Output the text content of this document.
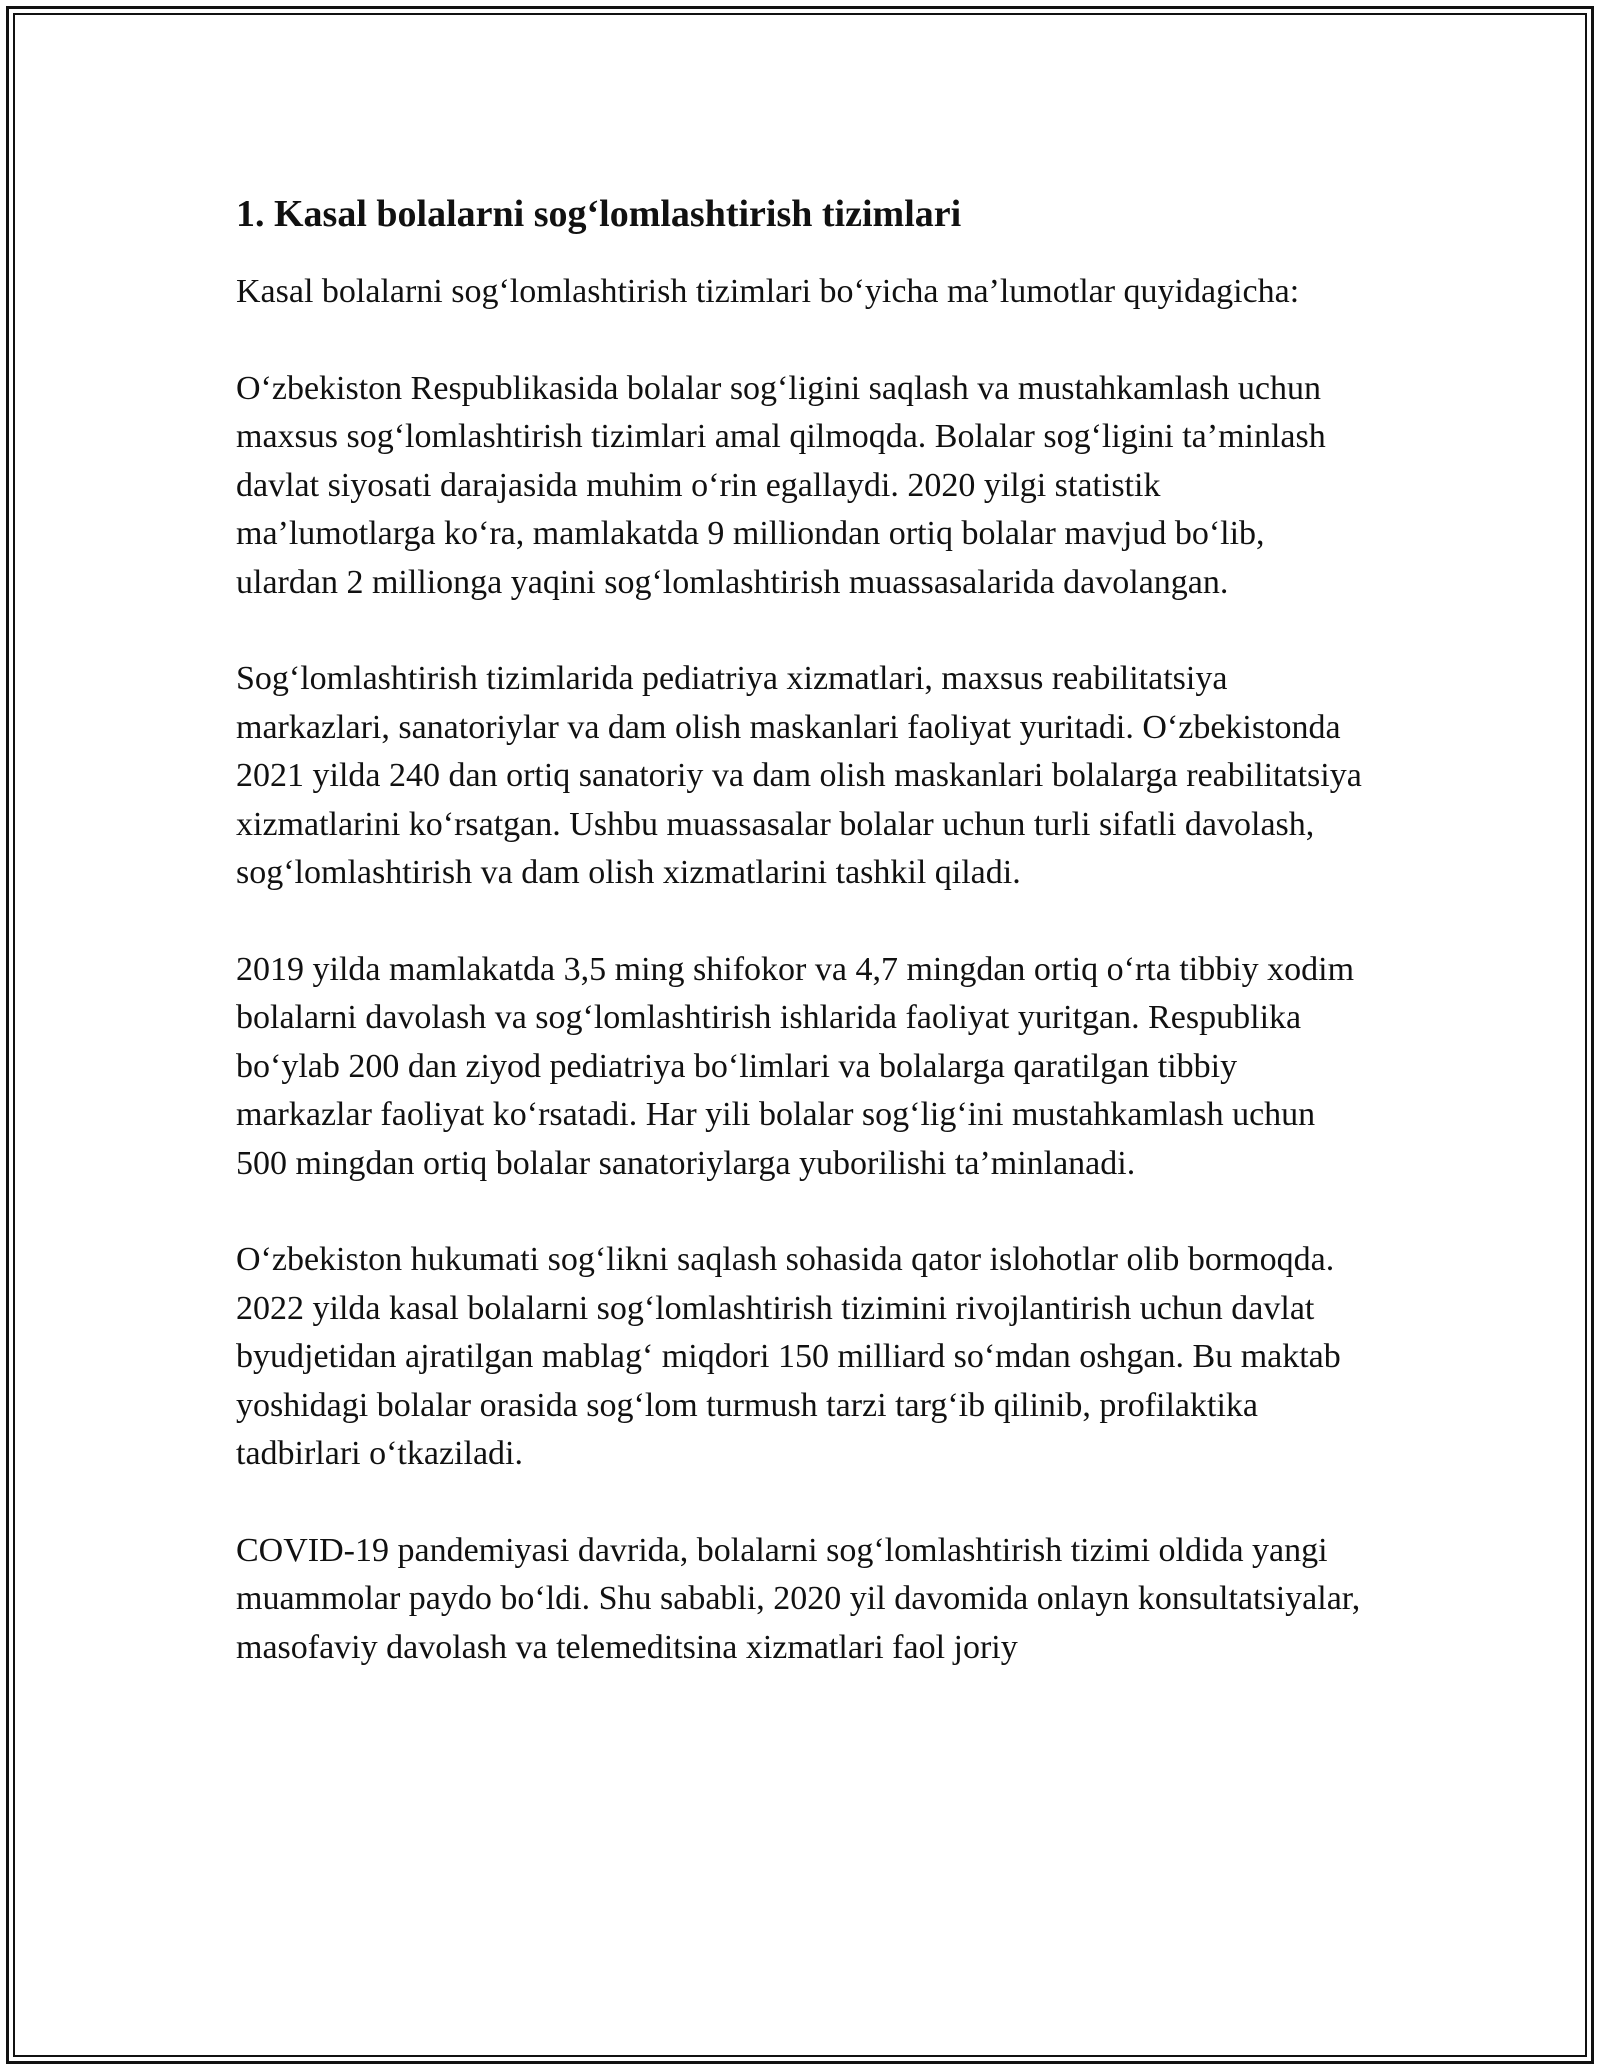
1. Kasal bolalarni sog‘lomlashtirish tizimlari

Kasal bolalarni sog‘lomlashtirish tizimlari bo‘yicha ma’lumotlar quyidagicha:

O‘zbekiston Respublikasida bolalar sog‘ligini saqlash va mustahkamlash uchun maxsus sog‘lomlashtirish tizimlari amal qilmoqda. Bolalar sog‘ligini ta’minlash davlat siyosati darajasida muhim o‘rin egallaydi. 2020 yilgi statistik ma’lumotlarga ko‘ra, mamlakatda 9 milliondan ortiq bolalar mavjud bo‘lib, ulardan 2 millionga yaqini sog‘lomlashtirish muassasalarida davolangan.

Sog‘lomlashtirish tizimlarida pediatriya xizmatlari, maxsus reabilitatsiya markazlari, sanatoriylar va dam olish maskanlari faoliyat yuritadi. O‘zbekistonda 2021 yilda 240 dan ortiq sanatoriy va dam olish maskanlari bolalarga reabilitatsiya xizmatlarini ko‘rsatgan. Ushbu muassasalar bolalar uchun turli sifatli davolash, sog‘lomlashtirish va dam olish xizmatlarini tashkil qiladi.

2019 yilda mamlakatda 3,5 ming shifokor va 4,7 mingdan ortiq o‘rta tibbiy xodim bolalarni davolash va sog‘lomlashtirish ishlarida faoliyat yuritgan. Respublika bo‘ylab 200 dan ziyod pediatriya bo‘limlari va bolalarga qaratilgan tibbiy markazlar faoliyat ko‘rsatadi. Har yili bolalar sog‘lig‘ini mustahkamlash uchun 500 mingdan ortiq bolalar sanatoriylarga yuborilishi ta’minlanadi.

O‘zbekiston hukumati sog‘likni saqlash sohasida qator islohotlar olib bormoqda. 2022 yilda kasal bolalarni sog‘lomlashtirish tizimini rivojlantirish uchun davlat byudjetidan ajratilgan mablag‘ miqdori 150 milliard so‘mdan oshgan. Bu maktab yoshidagi bolalar orasida sog‘lom turmush tarzi targ‘ib qilinib, profilaktika tadbirlari o‘tkaziladi.

COVID-19 pandemiyasi davrida, bolalarni sog‘lomlashtirish tizimi oldida yangi muammolar paydo bo‘ldi. Shu sababli, 2020 yil davomida onlayn konsultatsiyalar, masofaviy davolash va telemeditsina xizmatlari faol joriy
